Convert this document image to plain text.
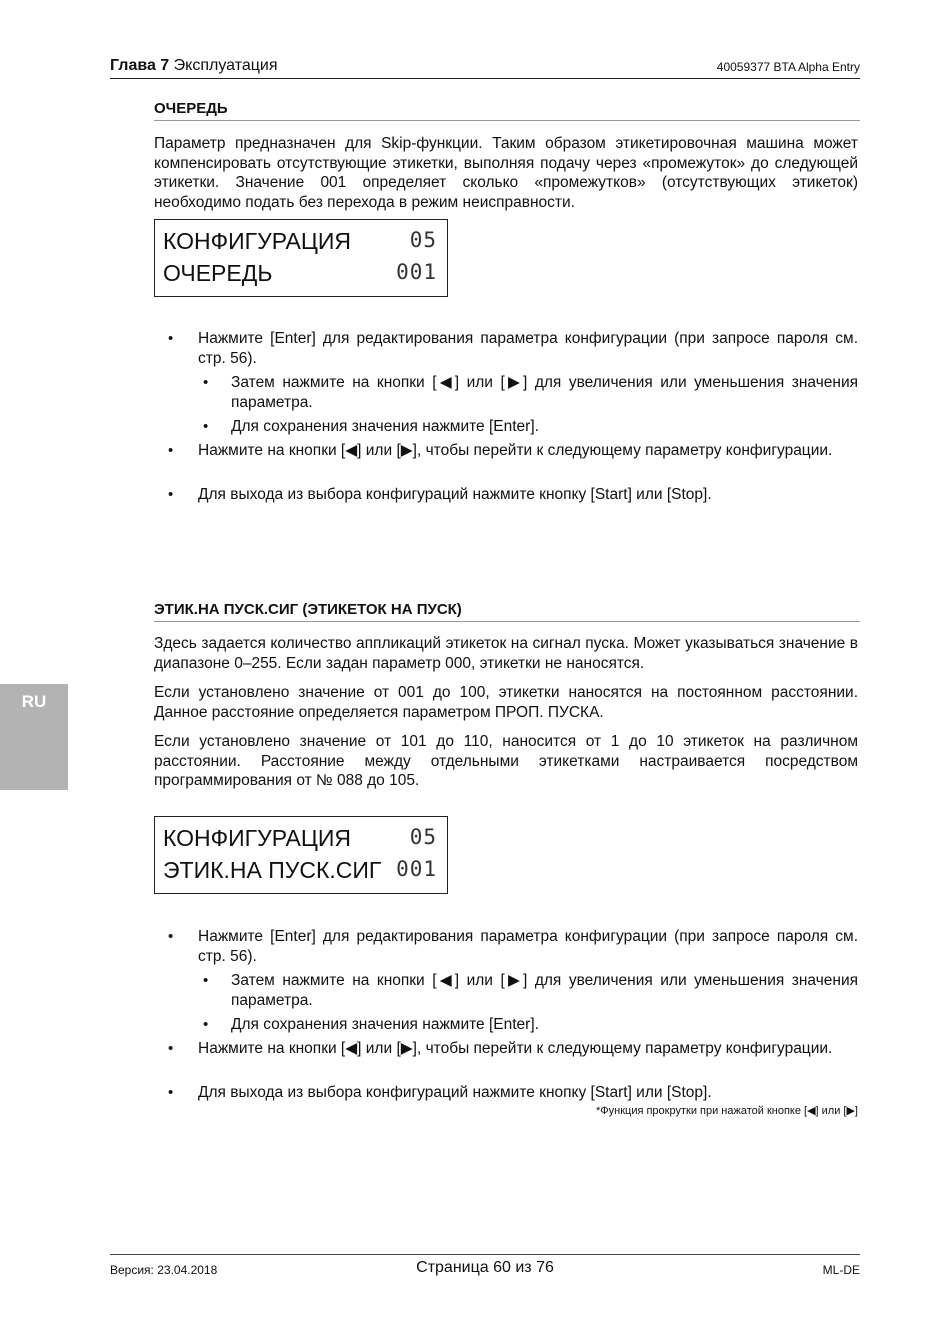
Глава 7 Эксплуатация	40059377 BTA Alpha Entry
RU
ОЧЕРЕДЬ
Параметр предназначен для Skip-функции. Таким образом этикетировочная машина может компенсировать отсутствующие этикетки, выполняя подачу через «промежуток» до следующей этикетки. Значение 001 определяет сколько «промежутков» (отсутствующих этикеток) необходимо подать без перехода в режим неисправности.
КОНФИГУРАЦИЯ	05
ОЧЕРЕДЬ	001
• Нажмите [Enter] для редактирования параметра конфигурации (при запросе пароля см. стр. 56).
• Затем нажмите на кнопки [◀] или [▶] для увеличения или уменьшения значения параметра.
• Для сохранения значения нажмите [Enter].
• Нажмите на кнопки [◀] или [▶], чтобы перейти к следующему параметру конфигурации.
• Для выхода из выбора конфигураций нажмите кнопку [Start] или [Stop].
ЭТИК.НА ПУСК.СИГ (ЭТИКЕТОК НА ПУСК)
Здесь задается количество аппликаций этикеток на сигнал пуска. Может указываться значение в диапазоне 0–255. Если задан параметр 000, этикетки не наносятся.
Если установлено значение от 001 до 100, этикетки наносятся на постоянном расстоянии. Данное расстояние определяется параметром ПРОП. ПУСКА.
Если установлено значение от 101 до 110, наносится от 1 до 10 этикеток на различном расстоянии. Расстояние между отдельными этикетками настраивается посредством программирования от № 088 до 105.
КОНФИГУРАЦИЯ	05
ЭТИК.НА ПУСК.СИГ 001
• Нажмите [Enter] для редактирования параметра конфигурации (при запросе пароля см. стр. 56).
• Затем нажмите на кнопки [◀] или [▶] для увеличения или уменьшения значения параметра.
• Для сохранения значения нажмите [Enter].
• Нажмите на кнопки [◀] или [▶], чтобы перейти к следующему параметру конфигурации.
• Для выхода из выбора конфигураций нажмите кнопку [Start] или [Stop].
*Функция прокрутки при нажатой кнопке [◀] или [▶]
Версия: 23.04.2018	Страница 60 из 76	ML-DE
